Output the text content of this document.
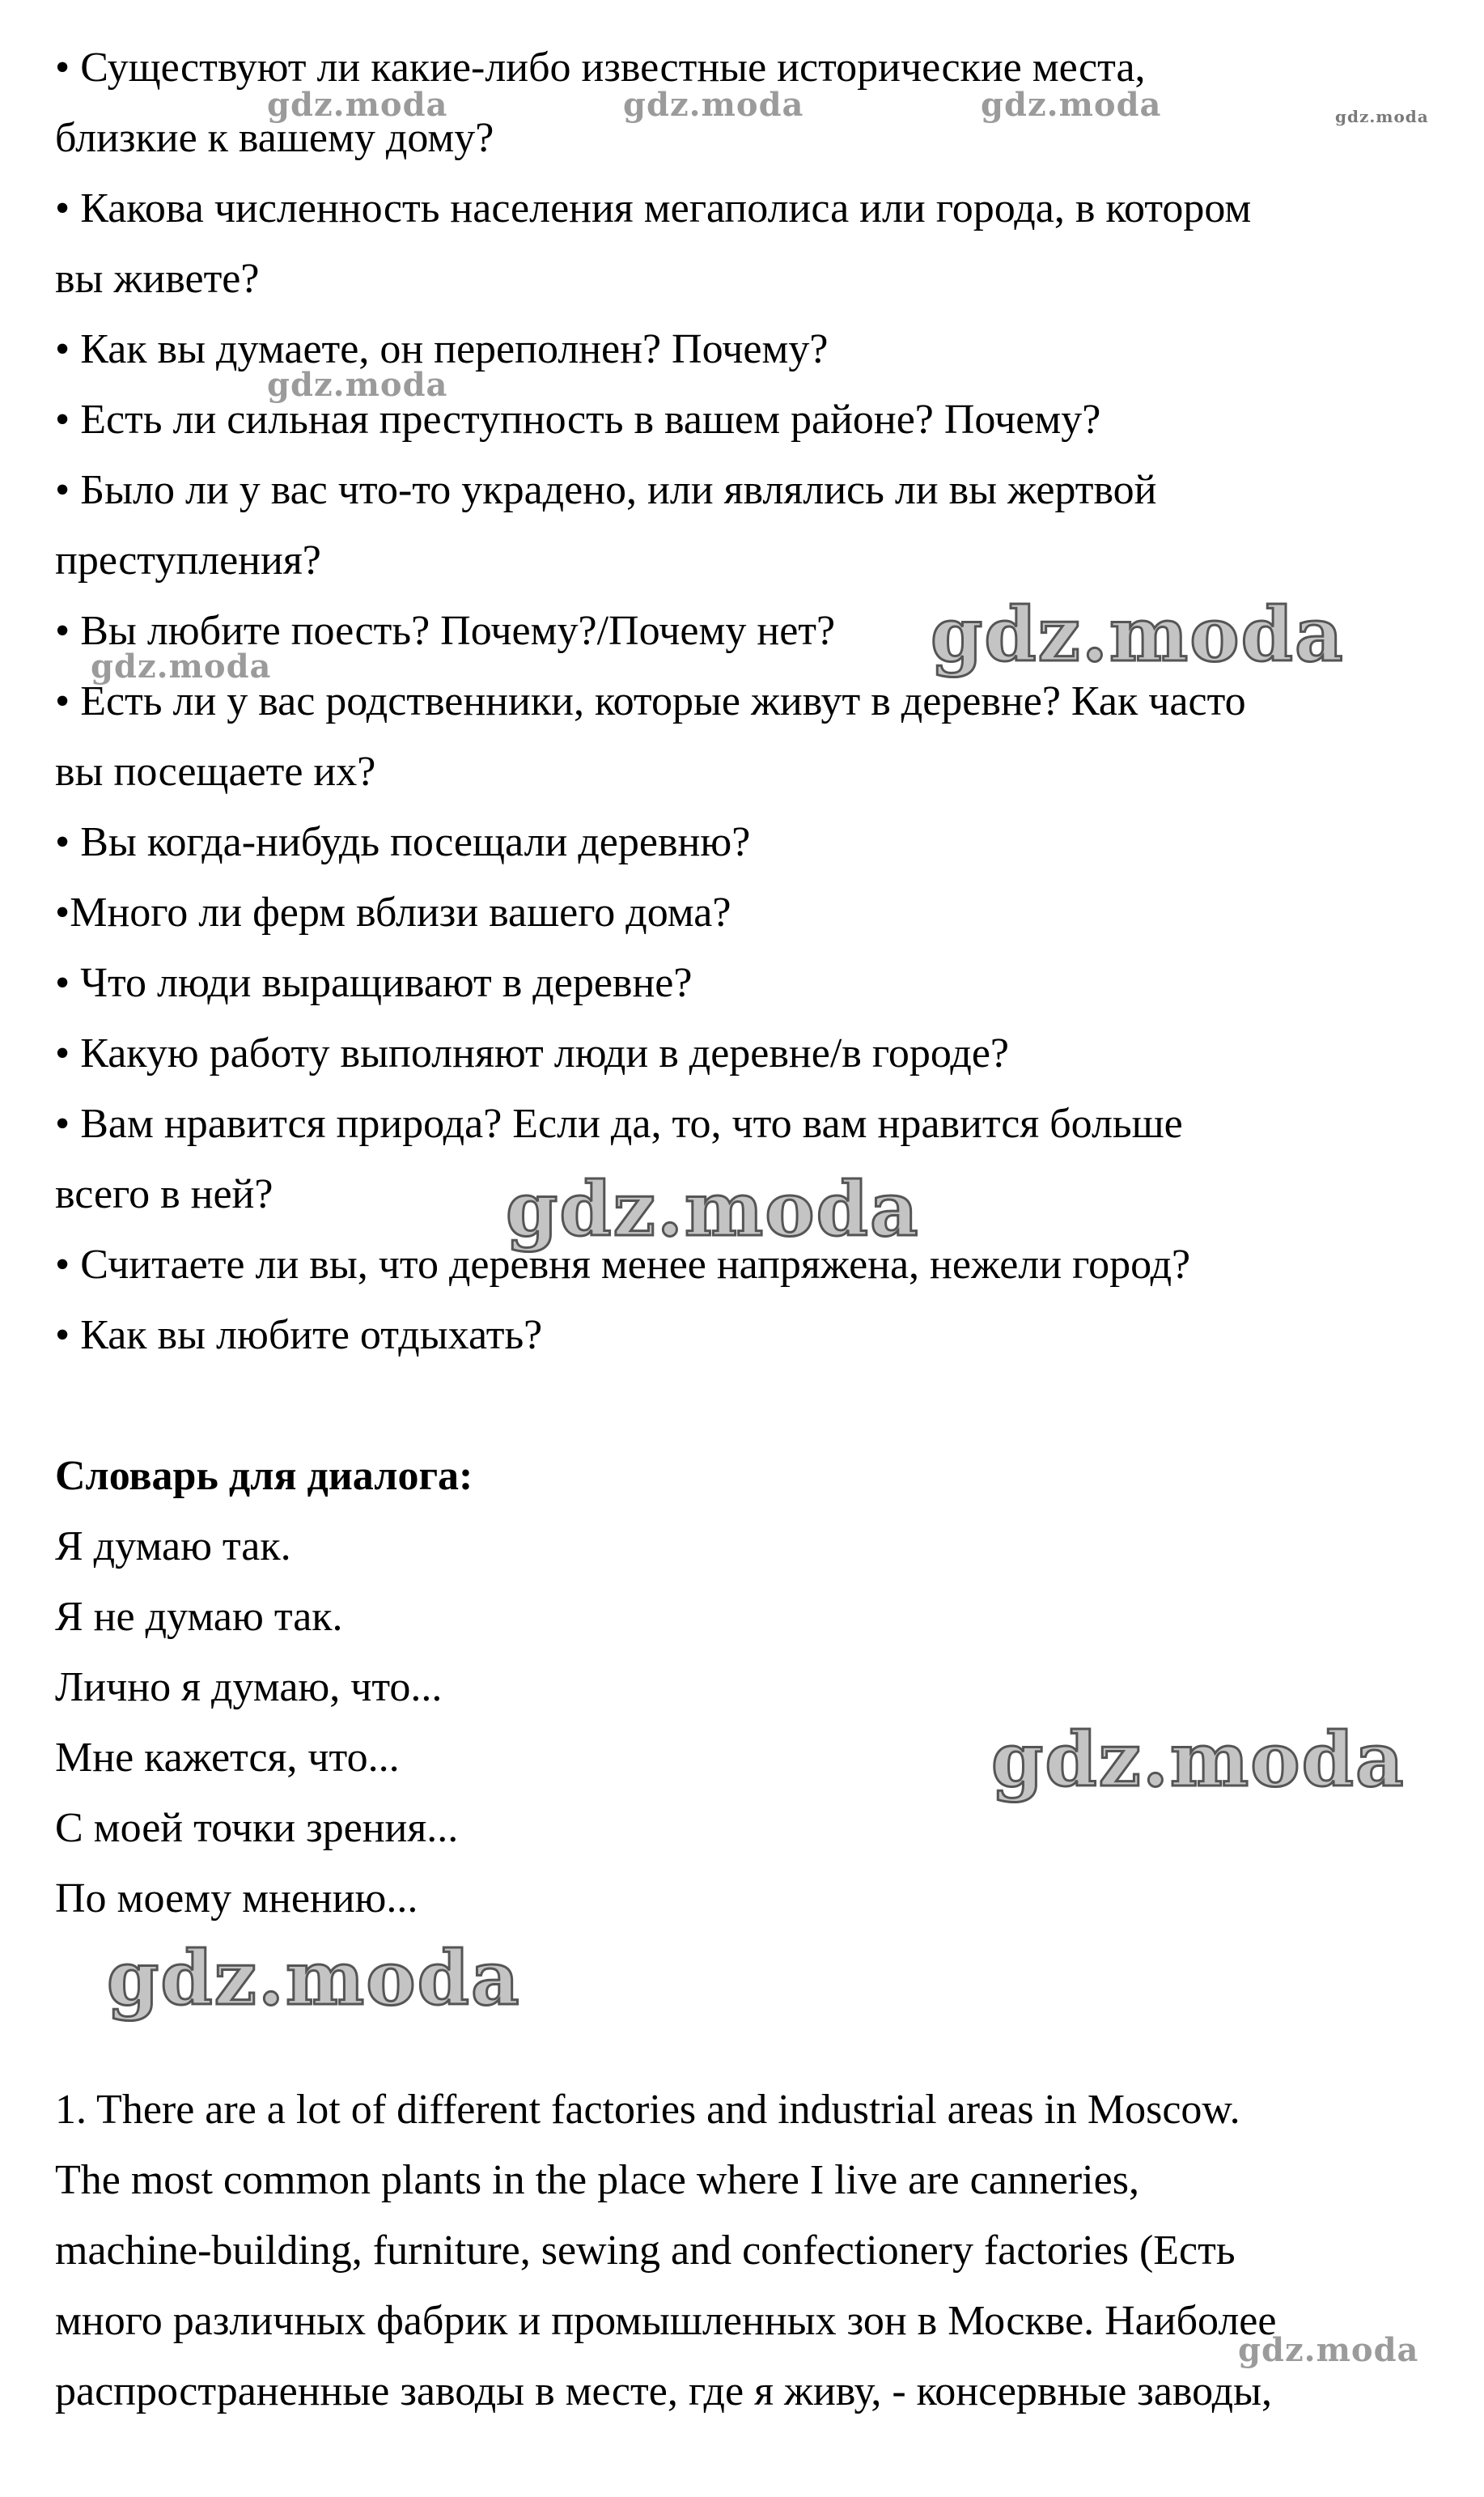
• Существуют ли какие-либо известные исторические места,
близкие к вашему дому?
• Какова численность населения мегаполиса или города, в котором
вы живете?
• Как вы думаете, он переполнен? Почему?
• Есть ли сильная преступность в вашем районе? Почему?
• Было ли у вас что-то украдено, или являлись ли вы жертвой
преступления?
• Вы любите поесть? Почему?/Почему нет?
• Есть ли у вас родственники, которые живут в деревне? Как часто
вы посещаете их?
• Вы когда-нибудь посещали деревню?
•Много ли ферм вблизи вашего дома?
• Что люди выращивают в деревне?
• Какую работу выполняют люди в деревне/в городе?
• Вам нравится природа? Если да, то, что вам нравится больше
всего в ней?
• Считаете ли вы, что деревня менее напряжена, нежели город?
• Как вы любите отдыхать?
Словарь для диалога:
Я думаю так.
Я не думаю так.
Лично я думаю, что...
Мне кажется, что...
С моей точки зрения...
По моему мнению...
1. There are a lot of different factories and industrial areas in Moscow.
The most common plants in the place where I live are canneries,
machine-building, furniture, sewing and confectionery factories (Есть
много различных фабрик и промышленных зон в Москве. Наиболее
распространенные заводы в месте, где я живу, - консервные заводы,
gdz.moda	gdz.moda	gdz.moda	gdz.moda
gdz.moda
gdz.moda
gdz.moda
gdz.moda
gdz.moda
gdz.moda
gdz.moda
